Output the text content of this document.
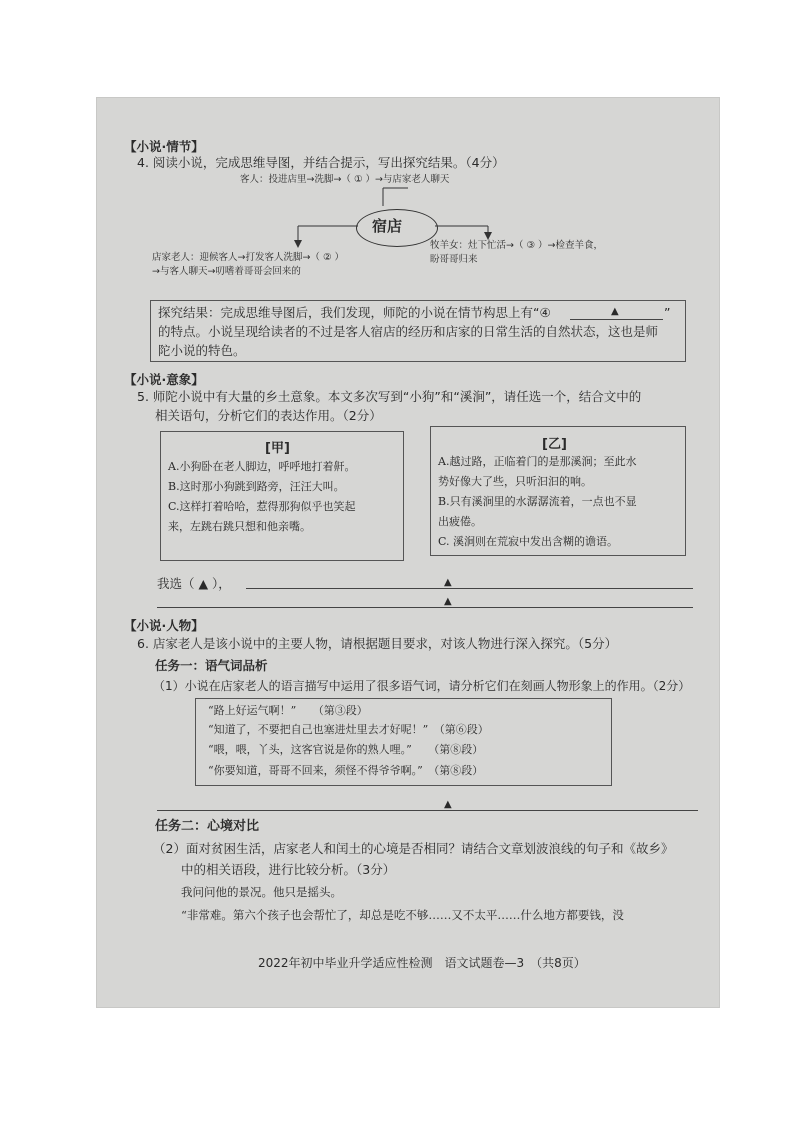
【小说·情节】
4. 阅读小说，完成思维导图，并结合提示，写出探究结果。（4分）
客人：投进店里→洗脚→（ ① ）→与店家老人聊天
宿店
店家老人：迎候客人→打发客人洗脚→（ ② ）
→与客人聊天→叨嗜着哥哥会回来的
牧羊女：灶下忙活→（ ③ ）→检查羊食，
盼哥哥归来
探究结果：完成思维导图后，我们发现，师陀的小说在情节构思上有“④	▲	”
的特点。小说呈现给读者的不过是客人宿店的经历和店家的日常生活的自然状态，这也是师
陀小说的特色。
【小说·意象】
5. 师陀小说中有大量的乡土意象。本文多次写到“小狗”和“溪涧”，请任选一个，结合文中的
相关语句，分析它们的表达作用。（2分）
[甲]
A.小狗卧在老人脚边，呼呼地打着鼾。
B.这时那小狗跳到路旁，汪汪大叫。
C.这样打着哈哈，惹得那狗似乎也笑起
来，左跳右跳只想和他亲嘴。
[乙]
A.越过路，正临着门的是那溪涧；至此水
势好像大了些，只听汩汩的响。
B.只有溪涧里的水潺潺流着，一点也不显
出疲倦。
C. 溪涧则在荒寂中发出含糊的谵语。
我选（ ▲ ），	▲
▲
【小说·人物】
6. 店家老人是该小说中的主要人物，请根据题目要求，对该人物进行深入探究。（5分）
任务一：语气词品析
（1）小说在店家老人的语言描写中运用了很多语气词，请分析它们在刻画人物形象上的作用。（2分）
“路上好运气啊！”　　（第③段）
“知道了，不要把自己也塞进灶里去才好呢！”　（第⑥段）
“喂，喂，丫头，这客官说是你的熟人哩。”　　（第⑧段）
“你要知道，哥哥不回来，须怪不得爷爷啊。”　（第⑧段）
▲
任务二：心境对比
（2）面对贫困生活，店家老人和闰土的心境是否相同？请结合文章划波浪线的句子和《故乡》
中的相关语段，进行比较分析。（3分）
我问问他的景况。他只是摇头。
“非常难。第六个孩子也会帮忙了，却总是吃不够……又不太平……什么地方都要钱，没
2022年初中毕业升学适应性检测　语文试题卷—3　（共8页）
